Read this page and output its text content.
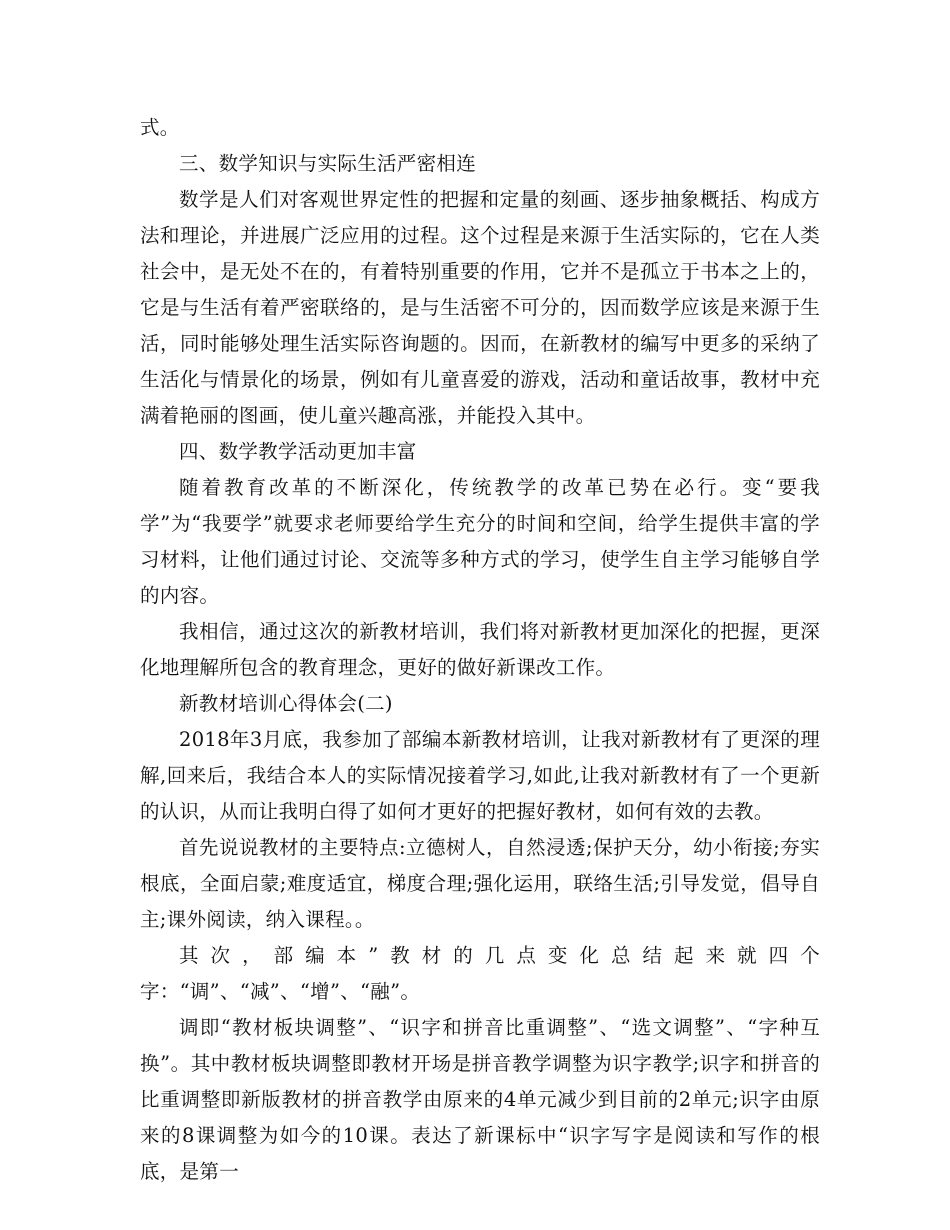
式。

三、数学知识与实际生活严密相连

数学是人们对客观世界定性的把握和定量的刻画、逐步抽象概括、构成方法和理论，并进展广泛应用的过程。这个过程是来源于生活实际的，它在人类社会中，是无处不在的，有着特别重要的作用，它并不是孤立于书本之上的，它是与生活有着严密联络的，是与生活密不可分的，因而数学应该是来源于生活，同时能够处理生活实际咨询题的。因而，在新教材的编写中更多的采纳了生活化与情景化的场景，例如有儿童喜爱的游戏，活动和童话故事，教材中充满着艳丽的图画，使儿童兴趣高涨，并能投入其中。

四、数学教学活动更加丰富

随着教育改革的不断深化，传统教学的改革已势在必行。变“要我学”为“我要学”就要求老师要给学生充分的时间和空间，给学生提供丰富的学习材料，让他们通过讨论、交流等多种方式的学习，使学生自主学习能够自学的内容。

我相信，通过这次的新教材培训，我们将对新教材更加深化的把握，更深化地理解所包含的教育理念，更好的做好新课改工作。

新教材培训心得体会(二)

2018年3月底，我参加了部编本新教材培训，让我对新教材有了更深的理解,回来后，我结合本人的实际情况接着学习,如此,让我对新教材有了一个更新的认识，从而让我明白得了如何才更好的把握好教材，如何有效的去教。

首先说说教材的主要特点:立德树人，自然浸透;保护天分，幼小衔接;夯实根底，全面启蒙;难度适宜，梯度合理;强化运用，联络生活;引导发觉，倡导自主;课外阅读，纳入课程。。

其次，部编本”教材的几点变化总结起来就四个字：“调”、“减”、“增”、“融”。

调即“教材板块调整”、“识字和拼音比重调整”、“选文调整”、“字种互换”。其中教材板块调整即教材开场是拼音教学调整为识字教学;识字和拼音的比重调整即新版教材的拼音教学由原来的4单元减少到目前的2单元;识字由原来的8课调整为如今的10课。表达了新课标中“识字写字是阅读和写作的根底，是第一
